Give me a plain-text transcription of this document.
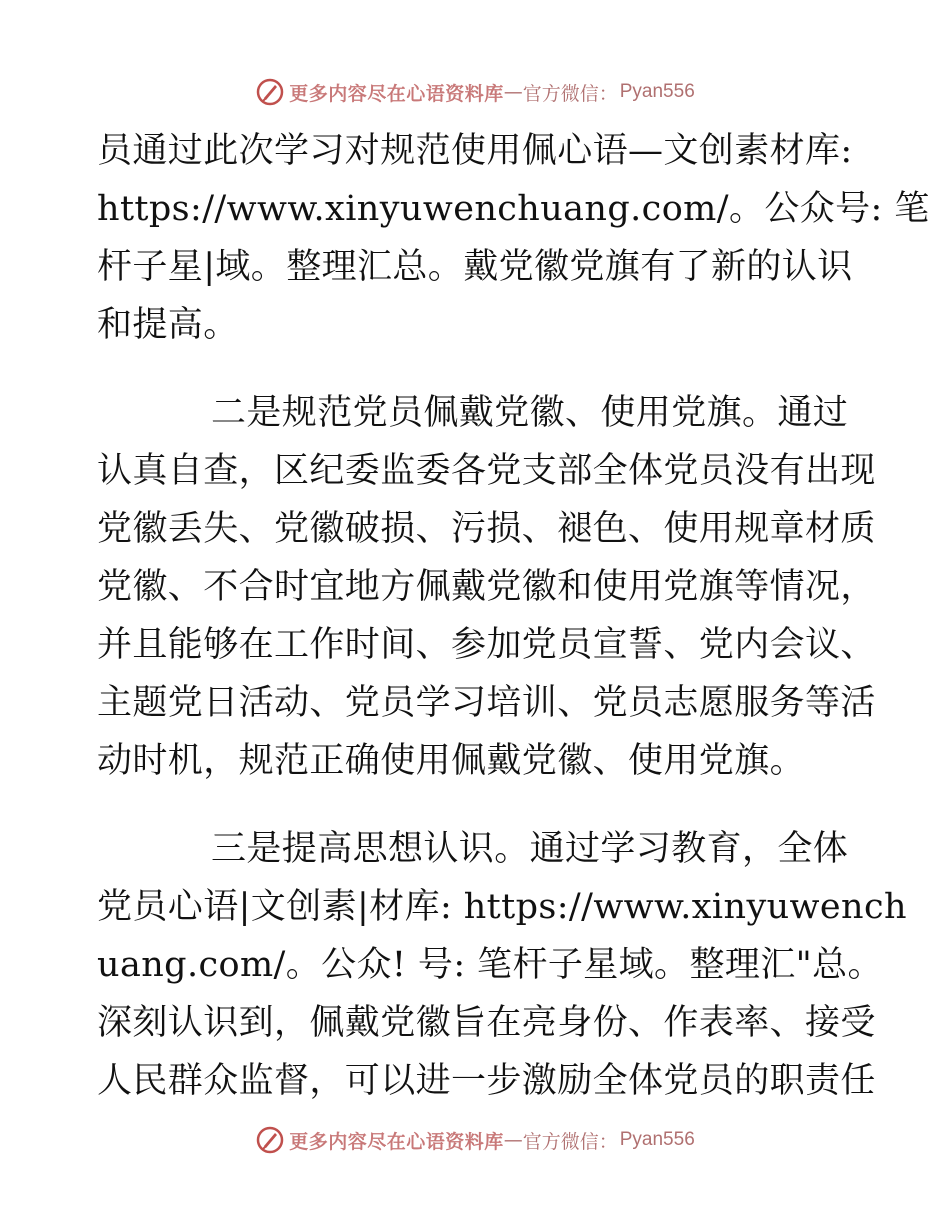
更多内容尽在心语资料库 — 官方微信： Pyan556
员通过此次学习对规范使用佩心语—文创素材库:
https://www.xinyuwenchuang.com/。公众号: 笔
杆子星|域。整理汇总。戴党徽党旗有了新的认识
和提高。
二是规范党员佩戴党徽、使用党旗。通过
认真自查，区纪委监委各党支部全体党员没有出现
党徽丢失、党徽破损、污损、褪色、使用规章材质
党徽、不合时宜地方佩戴党徽和使用党旗等情况，
并且能够在工作时间、参加党员宣誓、党内会议、
主题党日活动、党员学习培训、党员志愿服务等活
动时机，规范正确使用佩戴党徽、使用党旗。
三是提高思想认识。通过学习教育，全体
党员心语|文创素|材库: https://www.xinyuwench
uang.com/。公众! 号: 笔杆子星域。整理汇"总。
深刻认识到，佩戴党徽旨在亮身份、作表率、接受
人民群众监督，可以进一步激励全体党员的职责任
更多内容尽在心语资料库 — 官方微信： Pyan556
